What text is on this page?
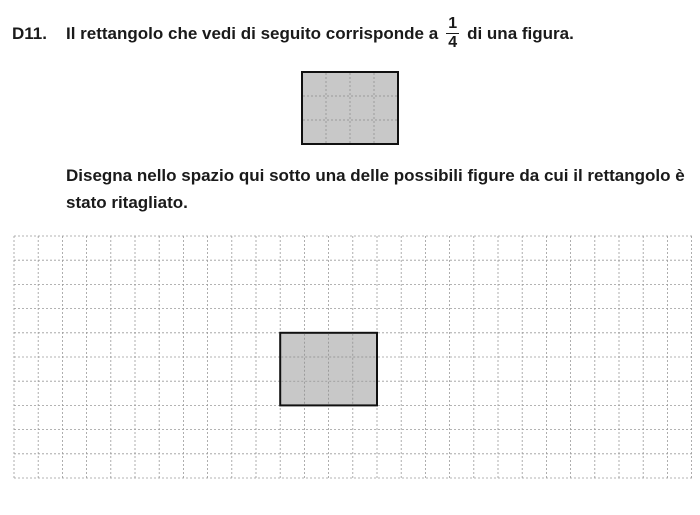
D11.	Il rettangolo che vedi di seguito corrisponde a $\frac{1}{4}$ di una figura.
Disegna nello spazio qui sotto una delle possibili figure da cui il rettangolo è stato ritagliato.
